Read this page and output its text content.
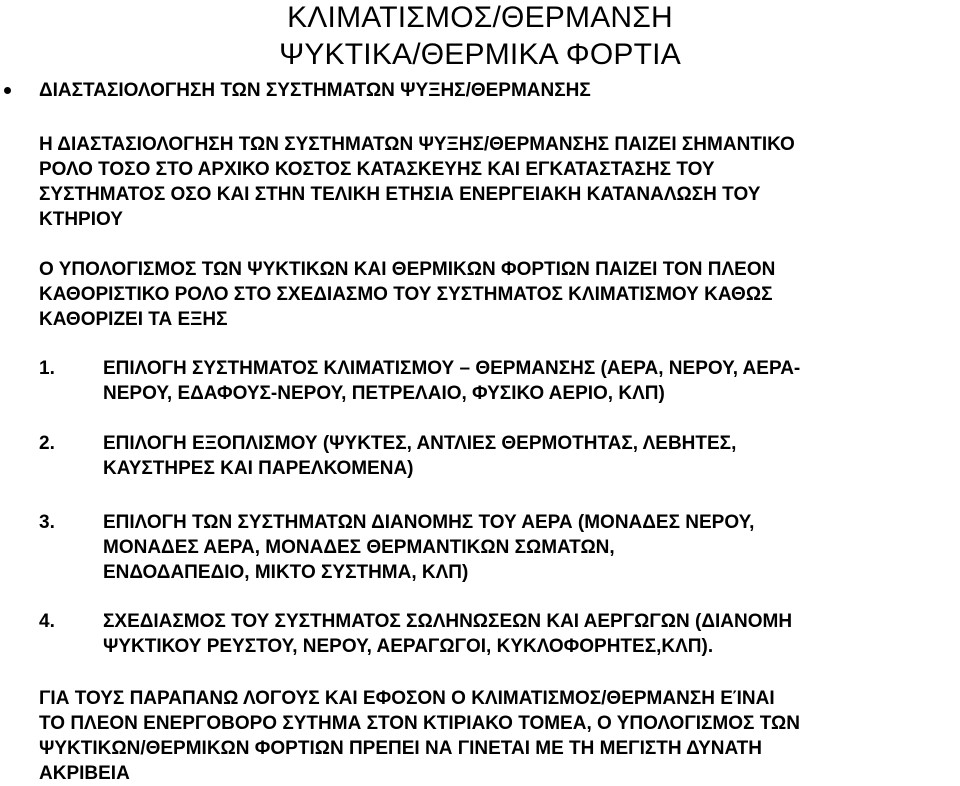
ΚΛΙΜΑΤΙΣΜΟΣ/ΘΕΡΜΑΝΣΗ
ΨΥΚΤΙΚΑ/ΘΕΡΜΙΚΑ ΦΟΡΤΙΑ
ΔΙΑΣΤΑΣΙΟΛΟΓΗΣΗ ΤΩΝ ΣΥΣΤΗΜΑΤΩΝ ΨΥΞΗΣ/ΘΕΡΜΑΝΣΗΣ

Η ΔΙΑΣΤΑΣΙΟΛΟΓΗΣΗ ΤΩΝ ΣΥΣΤΗΜΑΤΩΝ ΨΥΞΗΣ/ΘΕΡΜΑΝΣΗΣ ΠΑΙΖΕΙ ΣΗΜΑΝΤΙΚΟ
ΡΟΛΟ ΤΟΣΟ ΣΤΟ ΑΡΧΙΚΟ ΚΟΣΤΟΣ ΚΑΤΑΣΚΕΥΗΣ ΚΑΙ ΕΓΚΑΤΑΣΤΑΣΗΣ ΤΟΥ
ΣΥΣΤΗΜΑΤΟΣ ΟΣΟ ΚΑΙ ΣΤΗΝ ΤΕΛΙΚΗ ΕΤΗΣΙΑ ΕΝΕΡΓΕΙΑΚΗ ΚΑΤΑΝΑΛΩΣΗ ΤΟΥ
ΚΤΗΡΙΟΥ

Ο ΥΠΟΛΟΓΙΣΜΟΣ ΤΩΝ ΨΥΚΤΙΚΩΝ ΚΑΙ ΘΕΡΜΙΚΩΝ ΦΟΡΤΙΩΝ ΠΑΙΖΕΙ ΤΟΝ ΠΛΕΟΝ
ΚΑΘΟΡΙΣΤΙΚΟ ΡΟΛΟ ΣΤΟ ΣΧΕΔΙΑΣΜΟ ΤΟΥ ΣΥΣΤΗΜΑΤΟΣ ΚΛΙΜΑΤΙΣΜΟΥ ΚΑΘΩΣ
ΚΑΘΟΡΙΖΕΙ ΤΑ ΕΞΗΣ

1.	ΕΠΙΛΟΓΗ ΣΥΣΤΗΜΑΤΟΣ ΚΛΙΜΑΤΙΣΜΟΥ – ΘΕΡΜΑΝΣΗΣ (ΑΕΡΑ, ΝΕΡΟΥ, ΑΕΡΑ-
ΝΕΡΟΥ, ΕΔΑΦΟΥΣ-ΝΕΡΟΥ, ΠΕΤΡΕΛΑΙΟ, ΦΥΣΙΚΟ ΑΕΡΙΟ, ΚΛΠ)
2.	ΕΠΙΛΟΓΗ ΕΞΟΠΛΙΣΜΟΥ (ΨΥΚΤΕΣ, ΑΝΤΛΙΕΣ ΘΕΡΜΟΤΗΤΑΣ, ΛΕΒΗΤΕΣ,
ΚΑΥΣΤΗΡΕΣ ΚΑΙ ΠΑΡΕΛΚΟΜΕΝΑ)
3.	ΕΠΙΛΟΓΗ ΤΩΝ ΣΥΣΤΗΜΑΤΩΝ ΔΙΑΝΟΜΗΣ ΤΟΥ ΑΕΡΑ (ΜΟΝΑΔΕΣ ΝΕΡΟΥ,
ΜΟΝΑΔΕΣ ΑΕΡΑ, ΜΟΝΑΔΕΣ ΘΕΡΜΑΝΤΙΚΩΝ ΣΩΜΑΤΩΝ,
ΕΝΔΟΔΑΠΕΔΙΟ, ΜΙΚΤΟ ΣΥΣΤΗΜΑ, ΚΛΠ)
4.	ΣΧΕΔΙΑΣΜΟΣ ΤΟΥ ΣΥΣΤΗΜΑΤΟΣ ΣΩΛΗΝΩΣΕΩΝ ΚΑΙ ΑΕΡΓΩΓΩΝ (ΔΙΑΝΟΜΗ
ΨΥΚΤΙΚΟΥ ΡΕΥΣΤΟΥ, ΝΕΡΟΥ, ΑΕΡΑΓΩΓΟΙ, ΚΥΚΛΟΦΟΡΗΤΕΣ,ΚΛΠ).

ΓΙΑ ΤΟΥΣ ΠΑΡΑΠΑΝΩ ΛΟΓΟΥΣ ΚΑΙ ΕΦΟΣΟΝ Ο ΚΛΙΜΑΤΙΣΜΟΣ/ΘΕΡΜΑΝΣΗ ΕΊΝΑΙ
ΤΟ ΠΛΕΟΝ ΕΝΕΡΓΟΒΟΡΟ ΣΥΤΗΜΑ ΣΤΟΝ ΚΤΙΡΙΑΚΟ ΤΟΜΕΑ, Ο ΥΠΟΛΟΓΙΣΜΟΣ ΤΩΝ
ΨΥΚΤΙΚΩΝ/ΘΕΡΜΙΚΩΝ ΦΟΡΤΙΩΝ ΠΡΕΠΕΙ ΝΑ ΓΙΝΕΤΑΙ ΜΕ ΤΗ ΜΕΓΙΣΤΗ ΔΥΝΑΤΗ
ΑΚΡΙΒΕΙΑ
